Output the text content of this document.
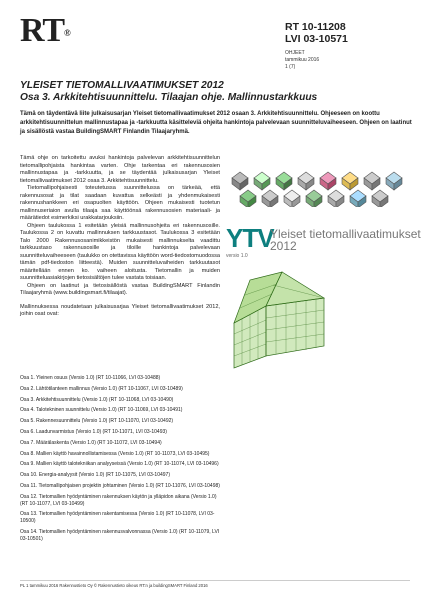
RT®	RT 10-11208
LVI 03-10571
OHJEET
tammikuu 2016
1 (7)
YLEISET TIETOMALLIVAATIMUKSET 2012
Osa 3. Arkkitehtisuunnittelu. Tilaajan ohje. Mallinnustarkkuus
Tämä on täydentävä liite julkaisusarjan Yleiset tietomallivaatimukset 2012 osaan 3. Arkkitehtisuunnittelu. Ohjeeseen on koottu arkkitehtisuunnittelun mallinnustapaa ja -tarkkuutta käsitteleviä ohjeita hankintoja palvelevaan suunnitteluvaiheeseen. Ohjeen on laatinut ja sisällöstä vastaa BuildingSMART Finlandin Tilaajaryhmä.

Tämä ohje on tarkoitettu avuksi hankintoja palvelevan arkkitehtisuunnittelun tietomallipohjaista hankintaa varten. Ohje tarkentaa eri rakennusosien mallinnustapaa ja -tarkkuutta, ja se täydentää julkaisusarjan Yleiset tietomallivaatimukset 2012 osaa 3. Arkkitehtisuunnittelu.

Tietomallipohjaisesti toteutetussa suunnittelussa on tärkeää, että rakennusosat ja tilat saadaan kuvattua selkeästi ja yhdenmukaisesti rakennushankkeen eri osapuolten käyttöön. Ohjeen mukaisesti tuotetun mallinnuseriaion avulla tilaaja saa käyttöönsä rakennusosien materiaali- ja määrätiedot esimerkiksi urakkatarjouksiin.

Ohjeen taulukossa 1 esitetään yleisiä mallinnusohjeita eri rakennusosille. Taulukossa 2 on kuvattu mallinnuksen tarkkuustasot. Taulukossa 3 esitetään Talo 2000 Rakennusosanimikkeistön mukaisesti mallinnukselta vaadittu tarkkuustaso rakennusosille ja tiloille hankintoja palvelevaan suunnitteluvaiheeseen (taulukko on otettavissa käyttöön word-tiedostomuodossa tämän pdf-tiedoston liitteestä). Muiden suunnitteluvaiheiden tarkkuutasot määritellään ennen ko. vaiheen aloitusta. Tietomallin ja muiden suunnitteluasiakirjojen tietosisältöjen tulee vastata toisiaan.

Ohjeen on laatinut ja tietosisällöstä vastaa BuildingSMART Finlandin Tilaajaryhmä (www.buildingsmart.fi/tilaajat).

Mallinnuksessa noudatetaan julkaisusarjaa Yleiset tietomallivaatimukset 2012, joihin osat ovat:

Osa 1. Yleinen osuus (Versio 1.0) (RT 10-11066, LVI 03-10488)
Osa 2. Lähtötilanteen mallinnus (Versio 1.0) (RT 10-11067, LVI 03-10489)
Osa 3. Arkkitehtisuunnittelu (Versio 1.0) (RT 10-11068, LVI 03-10490)
Osa 4. Talotekninen suunnittelu (Versio 1.0) (RT 10-11069, LVI 03-10491)
Osa 5. Rakennesuunnittelu (Versio 1.0) (RT 10-11070, LVI 03-10492)
Osa 6. Laadunvarmistus (Versio 1.0) (RT 10-11071, LVI 03-10493)
Osa 7. Määrälaskenta (Versio 1.0) (RT 10-11072, LVI 03-10494)
Osa 8. Mallien käyttö havainnollistamisessa (Versio 1.0) (RT 10-11073, LVI 03-10495)
Osa 9. Mallien käyttö talotekniikan analyyseissä (Versio 1.0) (RT 10-11074, LVI 03-10496)
Osa 10. Energia-analyysit (Versio 1.0) (RT 10-11075, LVI 03-10497)
Osa 11. Tietomallipohjaisen projektin johtaminen (Versio 1.0) (RT 10-11076, LVI 03-10498)
Osa 12. Tietomallien hyödyntäminen rakennuksen käytön ja ylläpidon aikana (Versio 1.0) (RT 10-11077, LVI 03-10499)
Osa 13. Tietomallien hyödyntäminen rakentamisessa (Versio 1.0) (RT 10-11078, LVI 03-10500)
Osa 14. Tietomallien hyödyntäminen rakennusvalvonnassa (Versio 1.0) (RT 10-11079, LVI 03-10501)
YTV
Yleiset tietomallivaatimukset
2012
versio 1.0
PL 1 tammikuu 2016 Rakennustieto Oy © Rakennustieto oikeus RT:n ja buildingSMART Finland 2016
